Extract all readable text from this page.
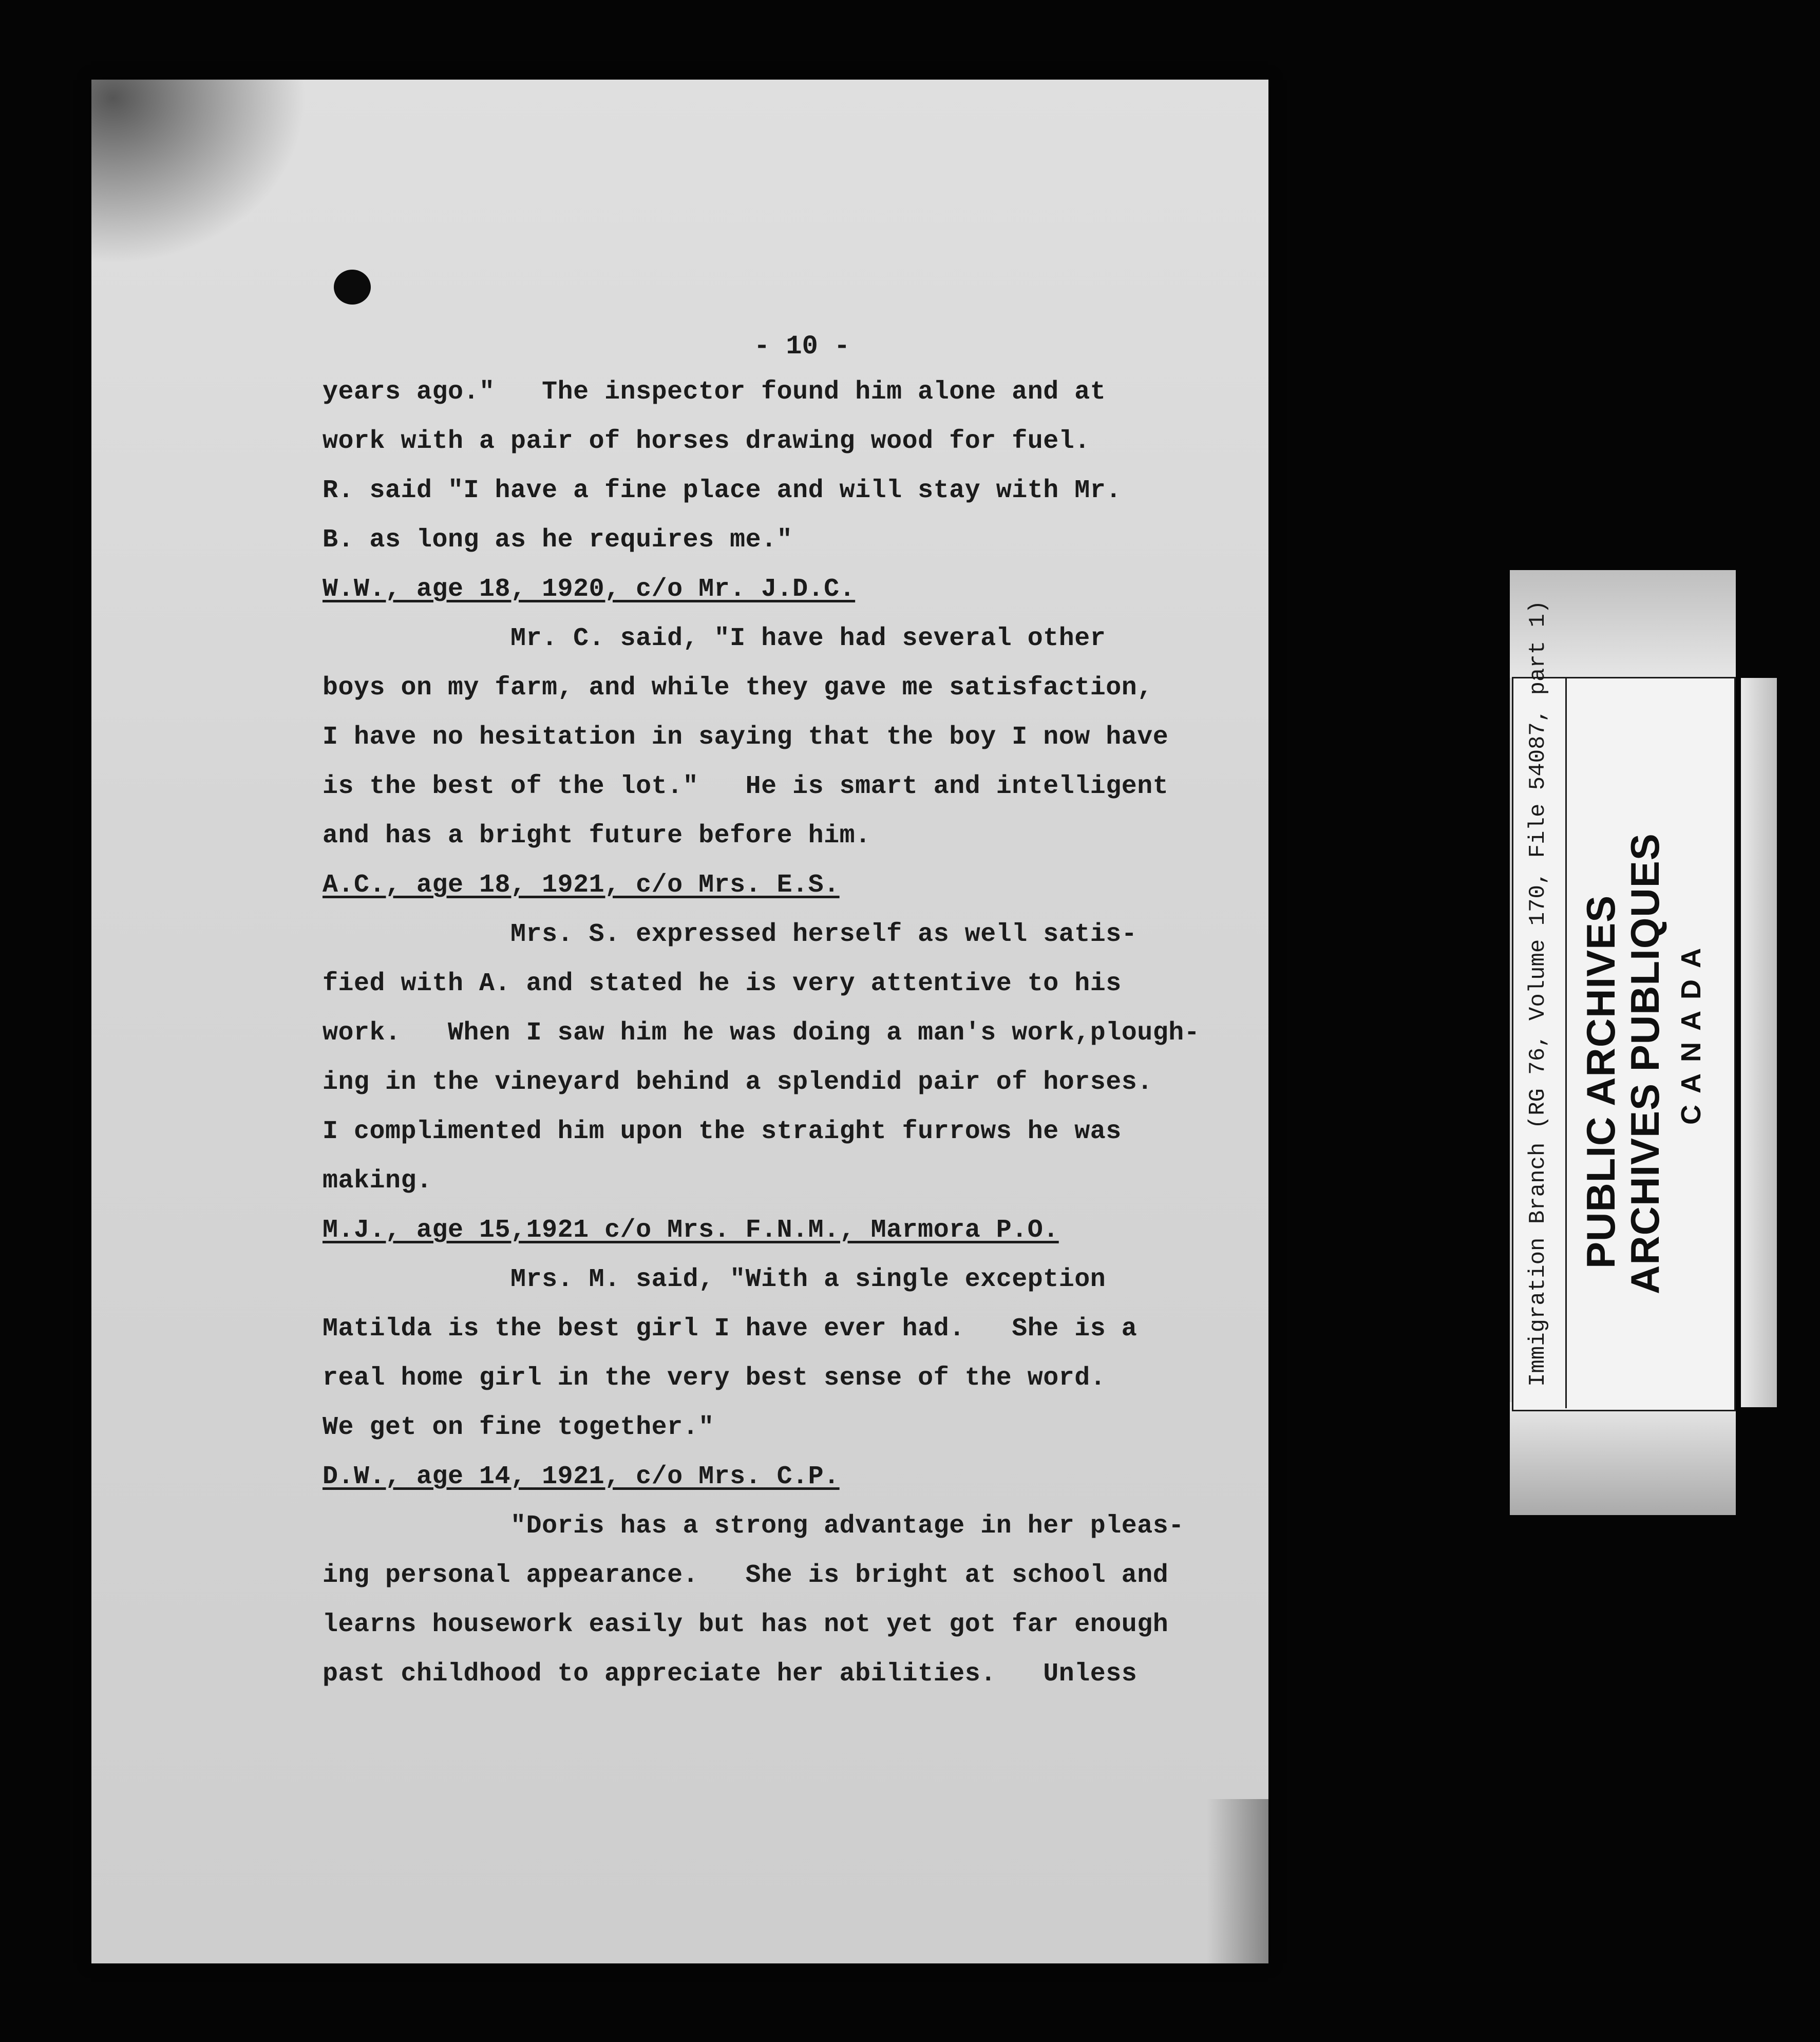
- 10 -
years ago."   The inspector found him alone and at
work with a pair of horses drawing wood for fuel.
R. said "I have a fine place and will stay with Mr.
B. as long as he requires me."
W.W., age 18, 1920, c/o Mr. J.D.C.
Mr. C. said, "I have had several other
boys on my farm, and while they gave me satisfaction,
I have no hesitation in saying that the boy I now have
is the best of the lot."   He is smart and intelligent
and has a bright future before him.
A.C., age 18, 1921, c/o Mrs. E.S.
Mrs. S. expressed herself as well satis-
fied with A. and stated he is very attentive to his
work.   When I saw him he was doing a man's work,plough-
ing in the vineyard behind a splendid pair of horses.
I complimented him upon the straight furrows he was
making.
M.J., age 15,1921 c/o Mrs. F.N.M., Marmora P.O.
Mrs. M. said, "With a single exception
Matilda is the best girl I have ever had.   She is a
real home girl in the very best sense of the word.
We get on fine together."
D.W., age 14, 1921, c/o Mrs. C.P.
"Doris has a strong advantage in her pleas-
ing personal appearance.   She is bright at school and
learns housework easily but has not yet got far enough
past childhood to appreciate her abilities.   Unless
Immigration Branch (RG 76, Volume 170, File 54087, part 1) PUBLIC ARCHIVES
ARCHIVES PUBLIQUES CANADA
